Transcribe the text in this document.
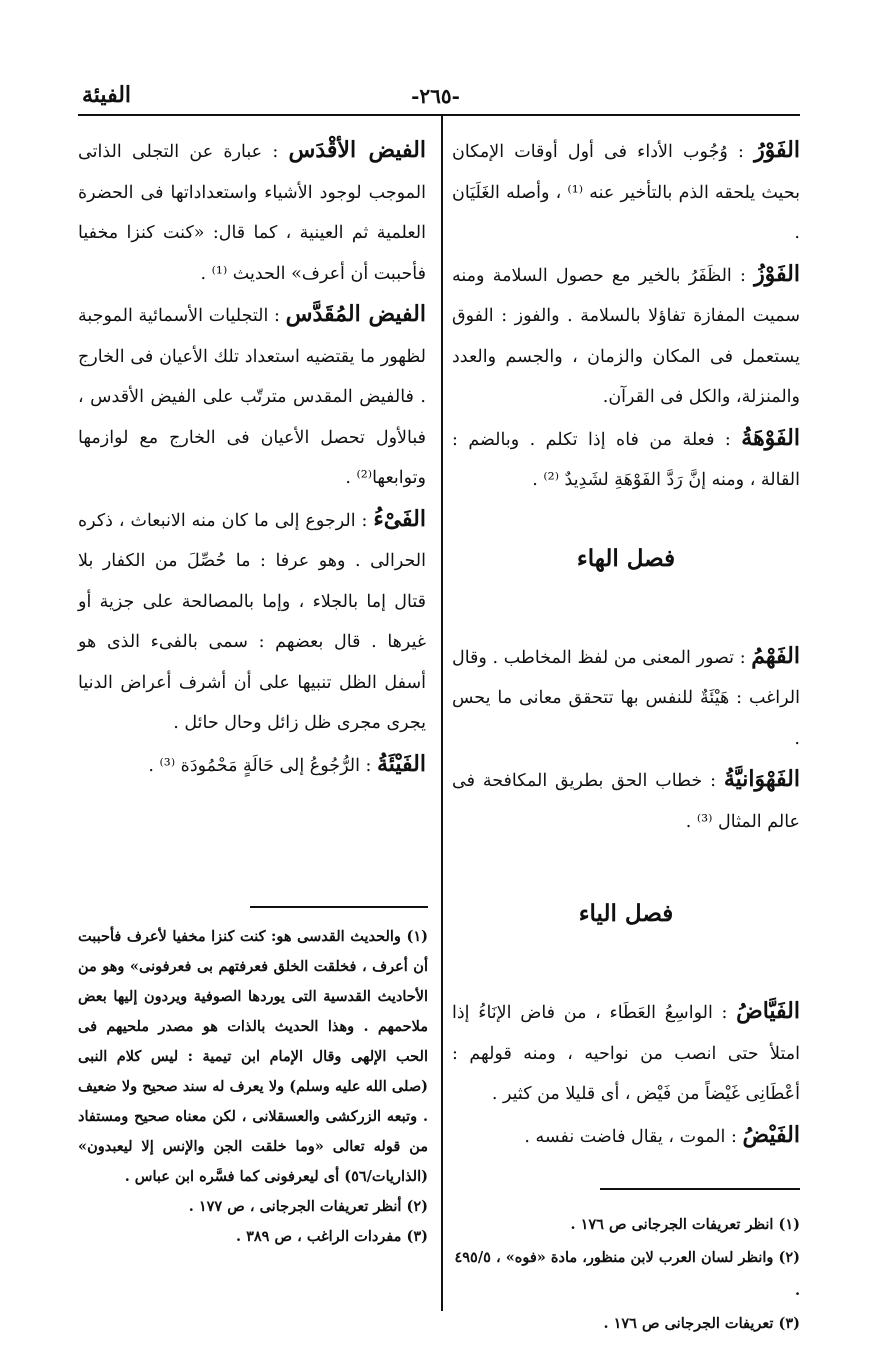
-٢٦٥-
الفيئة

الفَوْرُ : وُجُوب الأداء فى أول أوقات الإمكان بحيث يلحقه الذم بالتأخير عنه ⁽¹⁾ ، وأصله الغَلَيَان .

الفَوْزُ : الظَفَرُ بالخير مع حصول السلامة ومنه سميت المفازة تفاؤلا بالسلامة . والفوز : الفوق يستعمل فى المكان والزمان ، والجسم والعدد والمنزلة، والكل فى القرآن.

الفَوْهَةُ : فعلة من فاه إذا تكلم . وبالضم : القالة ، ومنه إنَّ رَدَّ الفَوْهَةِ لشَدِيدٌ ⁽²⁾ .

فصل الهاء

الفَهْمُ : تصور المعنى من لفظ المخاطب . وقال الراغب : هَيْئَةٌ للنفس بها تتحقق معانى ما يحس .

الفَهْوَانيَّةُ : خطاب الحق بطريق المكافحة فى عالم المثال ⁽³⁾ .

فصل الياء

الفَيَّاضُ : الواسِعُ العَطَاء ، من فاض الإنَاءُ إذا امتلأ حتى انصب من نواحيه ، ومنه قولهم : أعْطَانِى غَيْضاً من فَيْض ، أى قليلا من كثير .

الفَيْضُ : الموت ، يقال فاضت نفسه .

الفيض الأقْدَس : عبارة عن التجلى الذاتى الموجب لوجود الأشياء واستعداداتها فى الحضرة العلمية ثم العينية ، كما قال: «كنت كنزا مخفيا فأحببت أن أعرف» الحديث ⁽¹⁾ .

الفيض المُقَدَّس : التجليات الأسمائية الموجبة لظهور ما يقتضيه استعداد تلك الأعيان فى الخارج . فالفيض المقدس مترتّب على الفيض الأقدس ، فبالأول تحصل الأعيان فى الخارج مع لوازمها وتوابعها⁽²⁾ .

الفَىْءُ : الرجوع إلى ما كان منه الانبعاث ، ذكره الحرالى . وهو عرفا : ما حُصِّلَ من الكفار بلا قتال إما بالجلاء ، وإما بالمصالحة على جزية أو غيرها . قال بعضهم : سمى بالفىء الذى هو أسفل الظل تنبيها على أن أشرف أعراض الدنيا يجرى مجرى ظل زائل وحال حائل .

الفَيْئَةُ : الرُّجُوعُ إلى حَالَةٍ مَحْمُودَة ⁽³⁾ .

(١) انظر تعريفات الجرجانى ص ١٧٦ .

(٢) وانظر لسان العرب لابن منظور، مادة «فوه» ، ٤٩٥/٥ .

(٣) تعريفات الجرجانى ص ١٧٦ .

(١) والحديث القدسى هو: كنت كنزا مخفيا لأعرف فأحببت أن أعرف ، فخلقت الخلق فعرفتهم بى فعرفونى» وهو من الأحاديث القدسية التى يوردها الصوفية ويردون إليها بعض ملاحمهم . وهذا الحديث بالذات هو مصدر ملحيهم فى الحب الإلهى وقال الإمام ابن تيمية : ليس كلام النبى (صلى الله عليه وسلم) ولا يعرف له سند صحيح ولا ضعيف . وتبعه الزركشى والعسقلانى ، لكن معناه صحيح ومستفاد من قوله تعالى «وما خلقت الجن والإنس إلا ليعبدون» (الذاريات/٥٦) أى ليعرفونى كما فسَّره ابن عباس .

(٢) أنظر تعريفات الجرجانى ، ص ١٧٧ .

(٣) مفردات الراغب ، ص ٣٨٩ .
